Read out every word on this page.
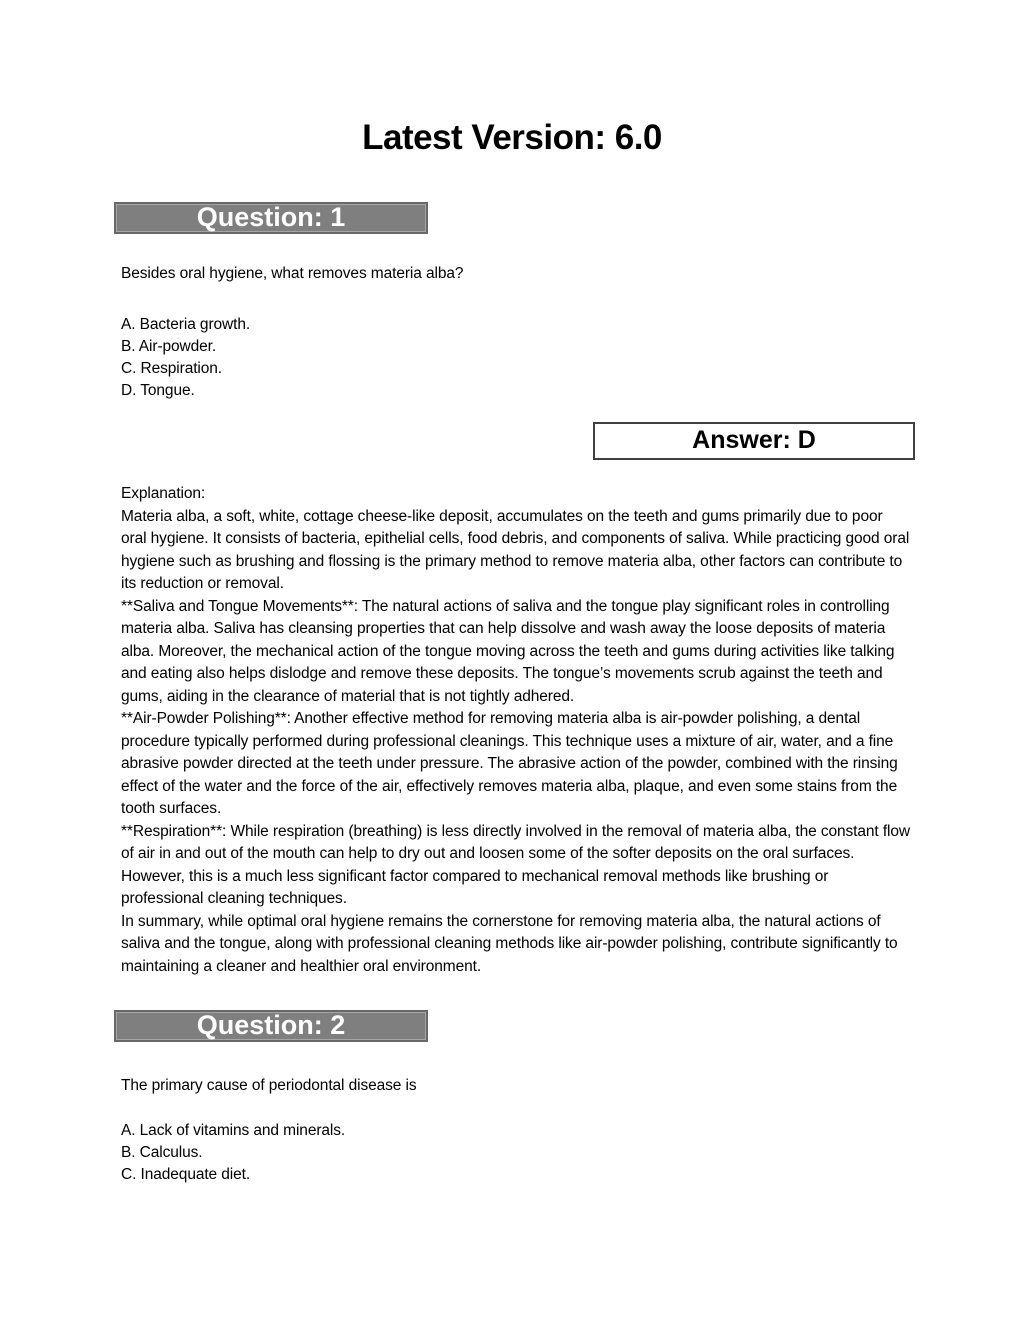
Latest Version: 6.0
Question: 1
Besides oral hygiene, what removes materia alba?
A. Bacteria growth.
B. Air-powder.
C. Respiration.
D. Tongue.
Answer: D

Explanation:

Materia alba, a soft, white, cottage cheese-like deposit, accumulates on the teeth and gums primarily due to poor oral hygiene. It consists of bacteria, epithelial cells, food debris, and components of saliva. While practicing good oral hygiene such as brushing and flossing is the primary method to remove materia alba, other factors can contribute to its reduction or removal.

**Saliva and Tongue Movements**: The natural actions of saliva and the tongue play significant roles in controlling materia alba. Saliva has cleansing properties that can help dissolve and wash away the loose deposits of materia alba. Moreover, the mechanical action of the tongue moving across the teeth and gums during activities like talking and eating also helps dislodge and remove these deposits. The tongue’s movements scrub against the teeth and gums, aiding in the clearance of material that is not tightly adhered.

**Air-Powder Polishing**: Another effective method for removing materia alba is air-powder polishing, a dental procedure typically performed during professional cleanings. This technique uses a mixture of air, water, and a fine abrasive powder directed at the teeth under pressure. The abrasive action of the powder, combined with the rinsing effect of the water and the force of the air, effectively removes materia alba, plaque, and even some stains from the tooth surfaces.

**Respiration**: While respiration (breathing) is less directly involved in the removal of materia alba, the constant flow of air in and out of the mouth can help to dry out and loosen some of the softer deposits on the oral surfaces. However, this is a much less significant factor compared to mechanical removal methods like brushing or professional cleaning techniques.

In summary, while optimal oral hygiene remains the cornerstone for removing materia alba, the natural actions of saliva and the tongue, along with professional cleaning methods like air-powder polishing, contribute significantly to maintaining a cleaner and healthier oral environment.

Question: 2
The primary cause of periodontal disease is
A. Lack of vitamins and minerals.
B. Calculus.
C. Inadequate diet.
